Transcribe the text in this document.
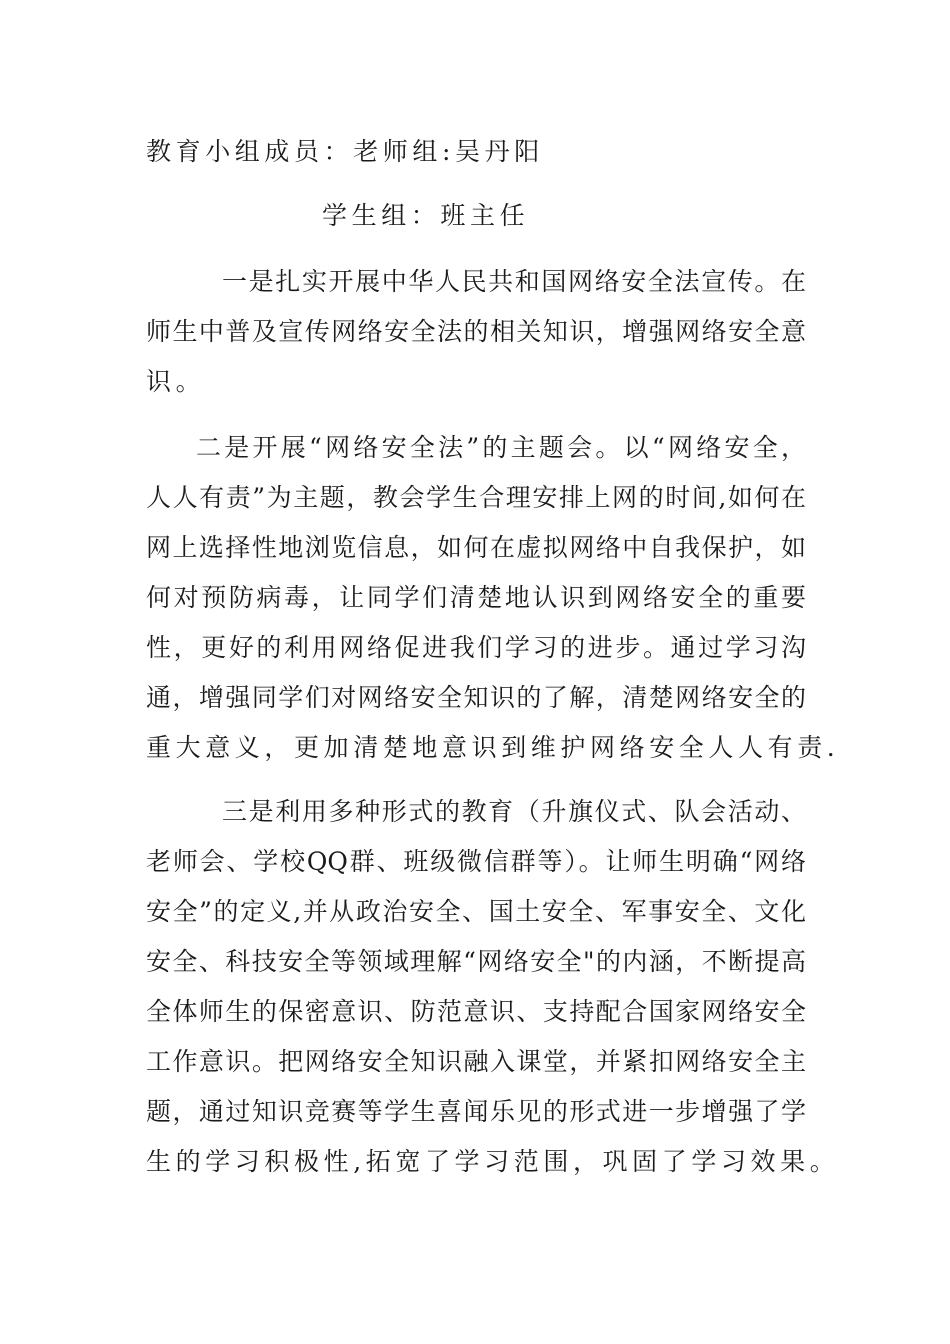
教育小组成员：老师组:吴丹阳
学生组：班主任
一是扎实开展中华人民共和国网络安全法宣传。在
师生中普及宣传网络安全法的相关知识，增强网络安全意
识。
二是开展“网络安全法”的主题会。以“网络安全，
人人有责”为主题，教会学生合理安排上网的时间,如何在
网上选择性地浏览信息，如何在虚拟网络中自我保护，如
何对预防病毒，让同学们清楚地认识到网络安全的重要
性，更好的利用网络促进我们学习的进步。通过学习沟
通，增强同学们对网络安全知识的了解，清楚网络安全的
重大意义，更加清楚地意识到维护网络安全人人有责.
三是利用多种形式的教育（升旗仪式、队会活动、
老师会、学校QQ群、班级微信群等）。让师生明确“网络
安全”的定义,并从政治安全、国土安全、军事安全、文化
安全、科技安全等领域理解“网络安全"的内涵，不断提高
全体师生的保密意识、防范意识、支持配合国家网络安全
工作意识。把网络安全知识融入课堂，并紧扣网络安全主
题，通过知识竞赛等学生喜闻乐见的形式进一步增强了学
生的学习积极性,拓宽了学习范围，巩固了学习效果。
